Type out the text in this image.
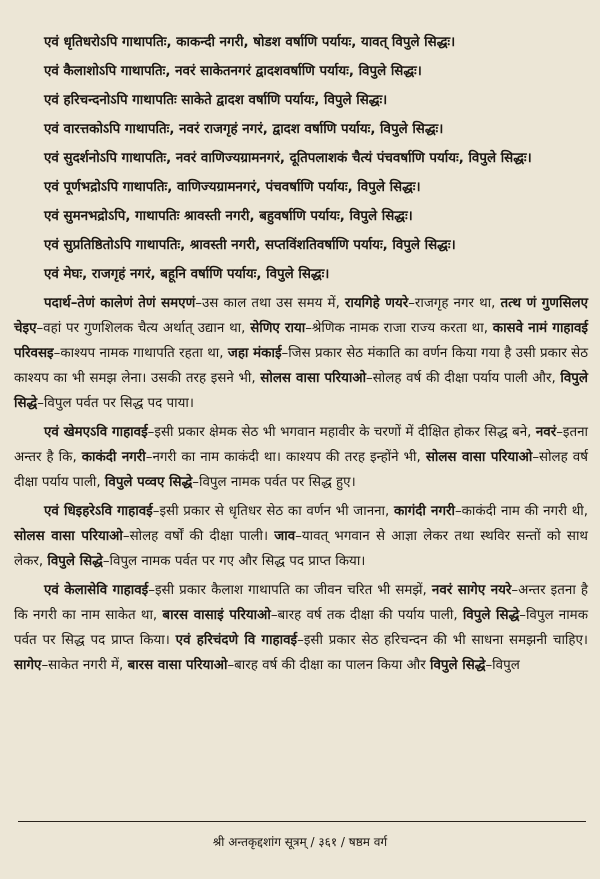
एवं धृतिधरोऽपि गाथापतिः, काकन्दी नगरी, षोडश वर्षाणि पर्यायः, यावत् विपुले सिद्धः।

एवं कैलाशोऽपि गाथापतिः, नवरं साकेतनगरं द्वादशवर्षाणि पर्यायः, विपुले सिद्धः।

एवं हरिचन्दनोऽपि गाथापतिः साकेते द्वादश वर्षाणि पर्यायः, विपुले सिद्धः।

एवं वारत्तकोऽपि गाथापतिः, नवरं राजगृहं नगरं, द्वादश वर्षाणि पर्यायः, विपुले सिद्धः।

एवं सुदर्शनोऽपि गाथापतिः, नवरं वाणिज्यग्रामनगरं, दूतिपलाशकं चैत्यं पंचवर्षाणि पर्यायः, विपुले सिद्धः।

एवं पूर्णभद्रोऽपि गाथापतिः, वाणिज्यग्रामनगरं, पंचवर्षाणि पर्यायः, विपुले सिद्धः।

एवं सुमनभद्रोऽपि, गाथापतिः श्रावस्ती नगरी, बहुवर्षाणि पर्यायः, विपुले सिद्धः।

एवं सुप्रतिष्ठितोऽपि गाथापतिः, श्रावस्ती नगरी, सप्तविंशतिवर्षाणि पर्यायः, विपुले सिद्धः।

एवं मेघः, राजगृहं नगरं, बहूनि वर्षाणि पर्यायः, विपुले सिद्धः।

पदार्थ–तेणं कालेणं तेणं समएणं–उस काल तथा उस समय में, रायगिहे णयरे–राजगृह नगर था, तत्थ णं गुणसिलए चेइए–वहां पर गुणशिलक चैत्य अर्थात् उद्यान था, सेणिए राया–श्रेणिक नामक राजा राज्य करता था, कासवे नामं गाहावई परिवसइ–काश्यप नामक गाथापति रहता था, जहा मंकाई–जिस प्रकार सेठ मंकाति का वर्णन किया गया है उसी प्रकार सेठ काश्यप का भी समझ लेना। उसकी तरह इसने भी, सोलस वासा परियाओ–सोलह वर्ष की दीक्षा पर्याय पाली और, विपुले सिद्धे–विपुल पर्वत पर सिद्ध पद पाया।

एवं खेमएऽवि गाहावई–इसी प्रकार क्षेमक सेठ भी भगवान महावीर के चरणों में दीक्षित होकर सिद्ध बने, नवरं–इतना अन्तर है कि, काकंदी नगरी–नगरी का नाम काकंदी था। काश्यप की तरह इन्होंने भी, सोलस वासा परियाओ–सोलह वर्ष दीक्षा पर्याय पाली, विपुले पव्वए सिद्धे–विपुल नामक पर्वत पर सिद्ध हुए।

एवं धिइहरेऽवि गाहावई–इसी प्रकार से धृतिधर सेठ का वर्णन भी जानना, कागंदी नगरी–काकंदी नाम की नगरी थी, सोलस वासा परियाओ–सोलह वर्षों की दीक्षा पाली। जाव–यावत् भगवान से आज्ञा लेकर तथा स्थविर सन्तों को साथ लेकर, विपुले सिद्धे–विपुल नामक पर्वत पर गए और सिद्ध पद प्राप्त किया।

एवं केलासेवि गाहावई–इसी प्रकार कैलाश गाथापति का जीवन चरित भी समझें, नवरं सागेए नयरे–अन्तर इतना है कि नगरी का नाम साकेत था, बारस वासाइं परियाओ–बारह वर्ष तक दीक्षा की पर्याय पाली, विपुले सिद्धे–विपुल नामक पर्वत पर सिद्ध पद प्राप्त किया। एवं हरिचंदणे वि गाहावई–इसी प्रकार सेठ हरिचन्दन की भी साधना समझनी चाहिए। सागेए–साकेत नगरी में, बारस वासा परियाओ–बारह वर्ष की दीक्षा का पालन किया और विपुले सिद्धे–विपुल

श्री अन्तकृद्दशांग सूत्रम् / ३६१ / षष्ठम वर्ग
